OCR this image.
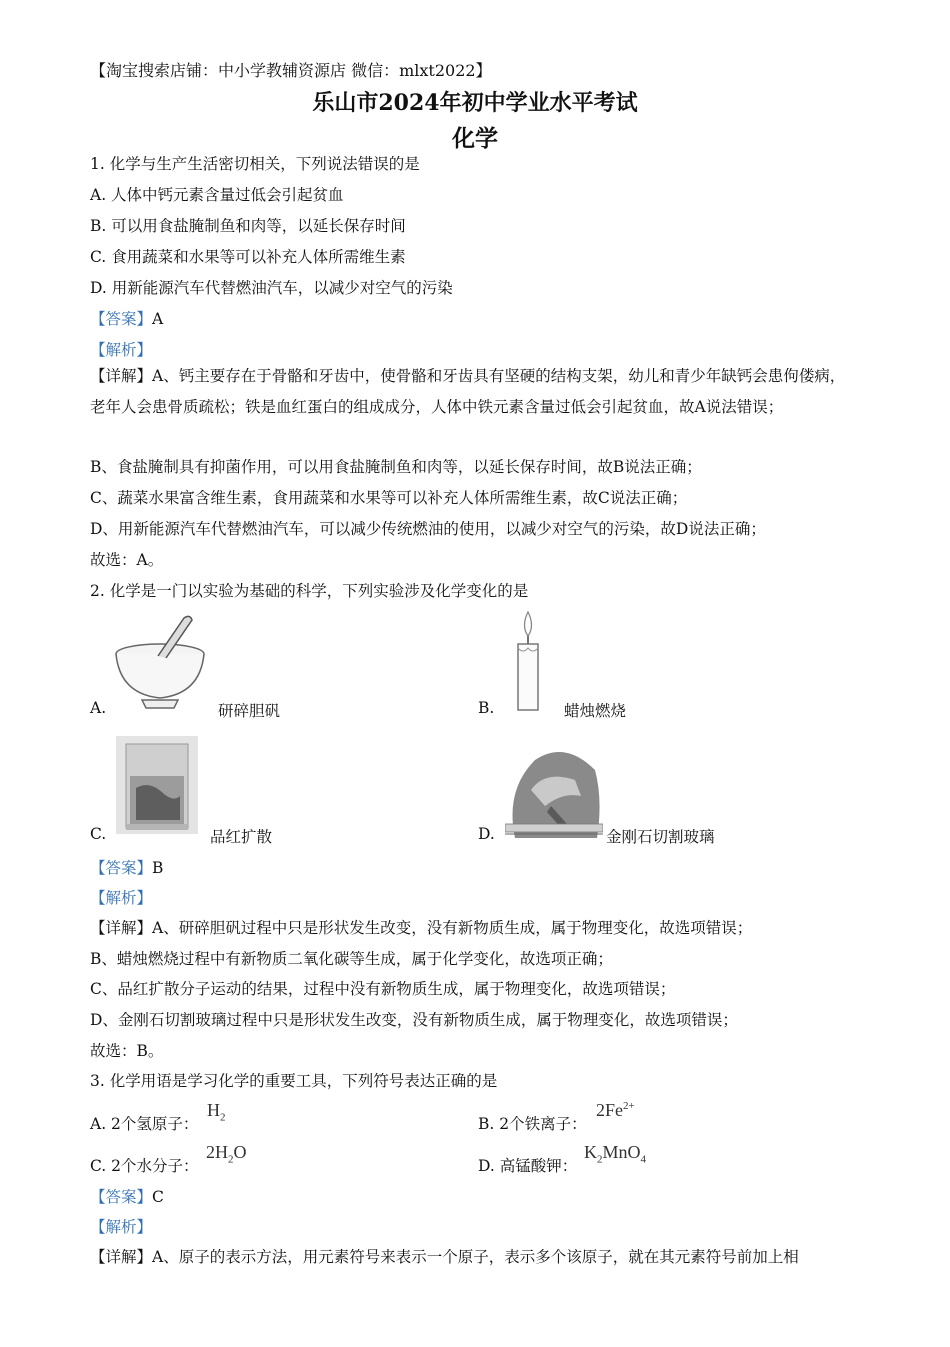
【淘宝搜索店铺：中小学教辅资源店 微信：mlxt2022】
乐山市2024年初中学业水平考试
化学
1. 化学与生产生活密切相关，下列说法错误的是
A. 人体中钙元素含量过低会引起贫血
B. 可以用食盐腌制鱼和肉等，以延长保存时间
C. 食用蔬菜和水果等可以补充人体所需维生素
D. 用新能源汽车代替燃油汽车，以减少对空气的污染
【答案】A
【解析】
【详解】A、钙主要存在于骨骼和牙齿中，使骨骼和牙齿具有坚硬的结构支架，幼儿和青少年缺钙会患佝偻病，老年人会患骨质疏松；铁是血红蛋白的组成成分，人体中铁元素含量过低会引起贫血，故A说法错误；
B、食盐腌制具有抑菌作用，可以用食盐腌制鱼和肉等，以延长保存时间，故B说法正确；
C、蔬菜水果富含维生素，食用蔬菜和水果等可以补充人体所需维生素，故C说法正确；
D、用新能源汽车代替燃油汽车，可以减少传统燃油的使用，以减少对空气的污染，故D说法正确；
故选：A。
2. 化学是一门以实验为基础的科学，下列实验涉及化学变化的是
A.	研碎胆矾	B.	蜡烛燃烧
C.	品红扩散	D.	金刚石切割玻璃
【答案】B
【解析】
【详解】A、研碎胆矾过程中只是形状发生改变，没有新物质生成，属于物理变化，故选项错误；
B、蜡烛燃烧过程中有新物质二氧化碳等生成，属于化学变化，故选项正确；
C、品红扩散分子运动的结果，过程中没有新物质生成，属于物理变化，故选项错误；
D、金刚石切割玻璃过程中只是形状发生改变，没有新物质生成，属于物理变化，故选项错误；
故选：B。
3. 化学用语是学习化学的重要工具，下列符号表达正确的是
A. 2个氢原子：
$H_2$	B. 2个铁离子：
$2Fe^{2+}$
C. 2个水分子：
$2H_2O$
D. 高锰酸钾：
$K_2MnO_4$
【答案】C
【解析】
【详解】A、原子的表示方法，用元素符号来表示一个原子，表示多个该原子，就在其元素符号前加上相
